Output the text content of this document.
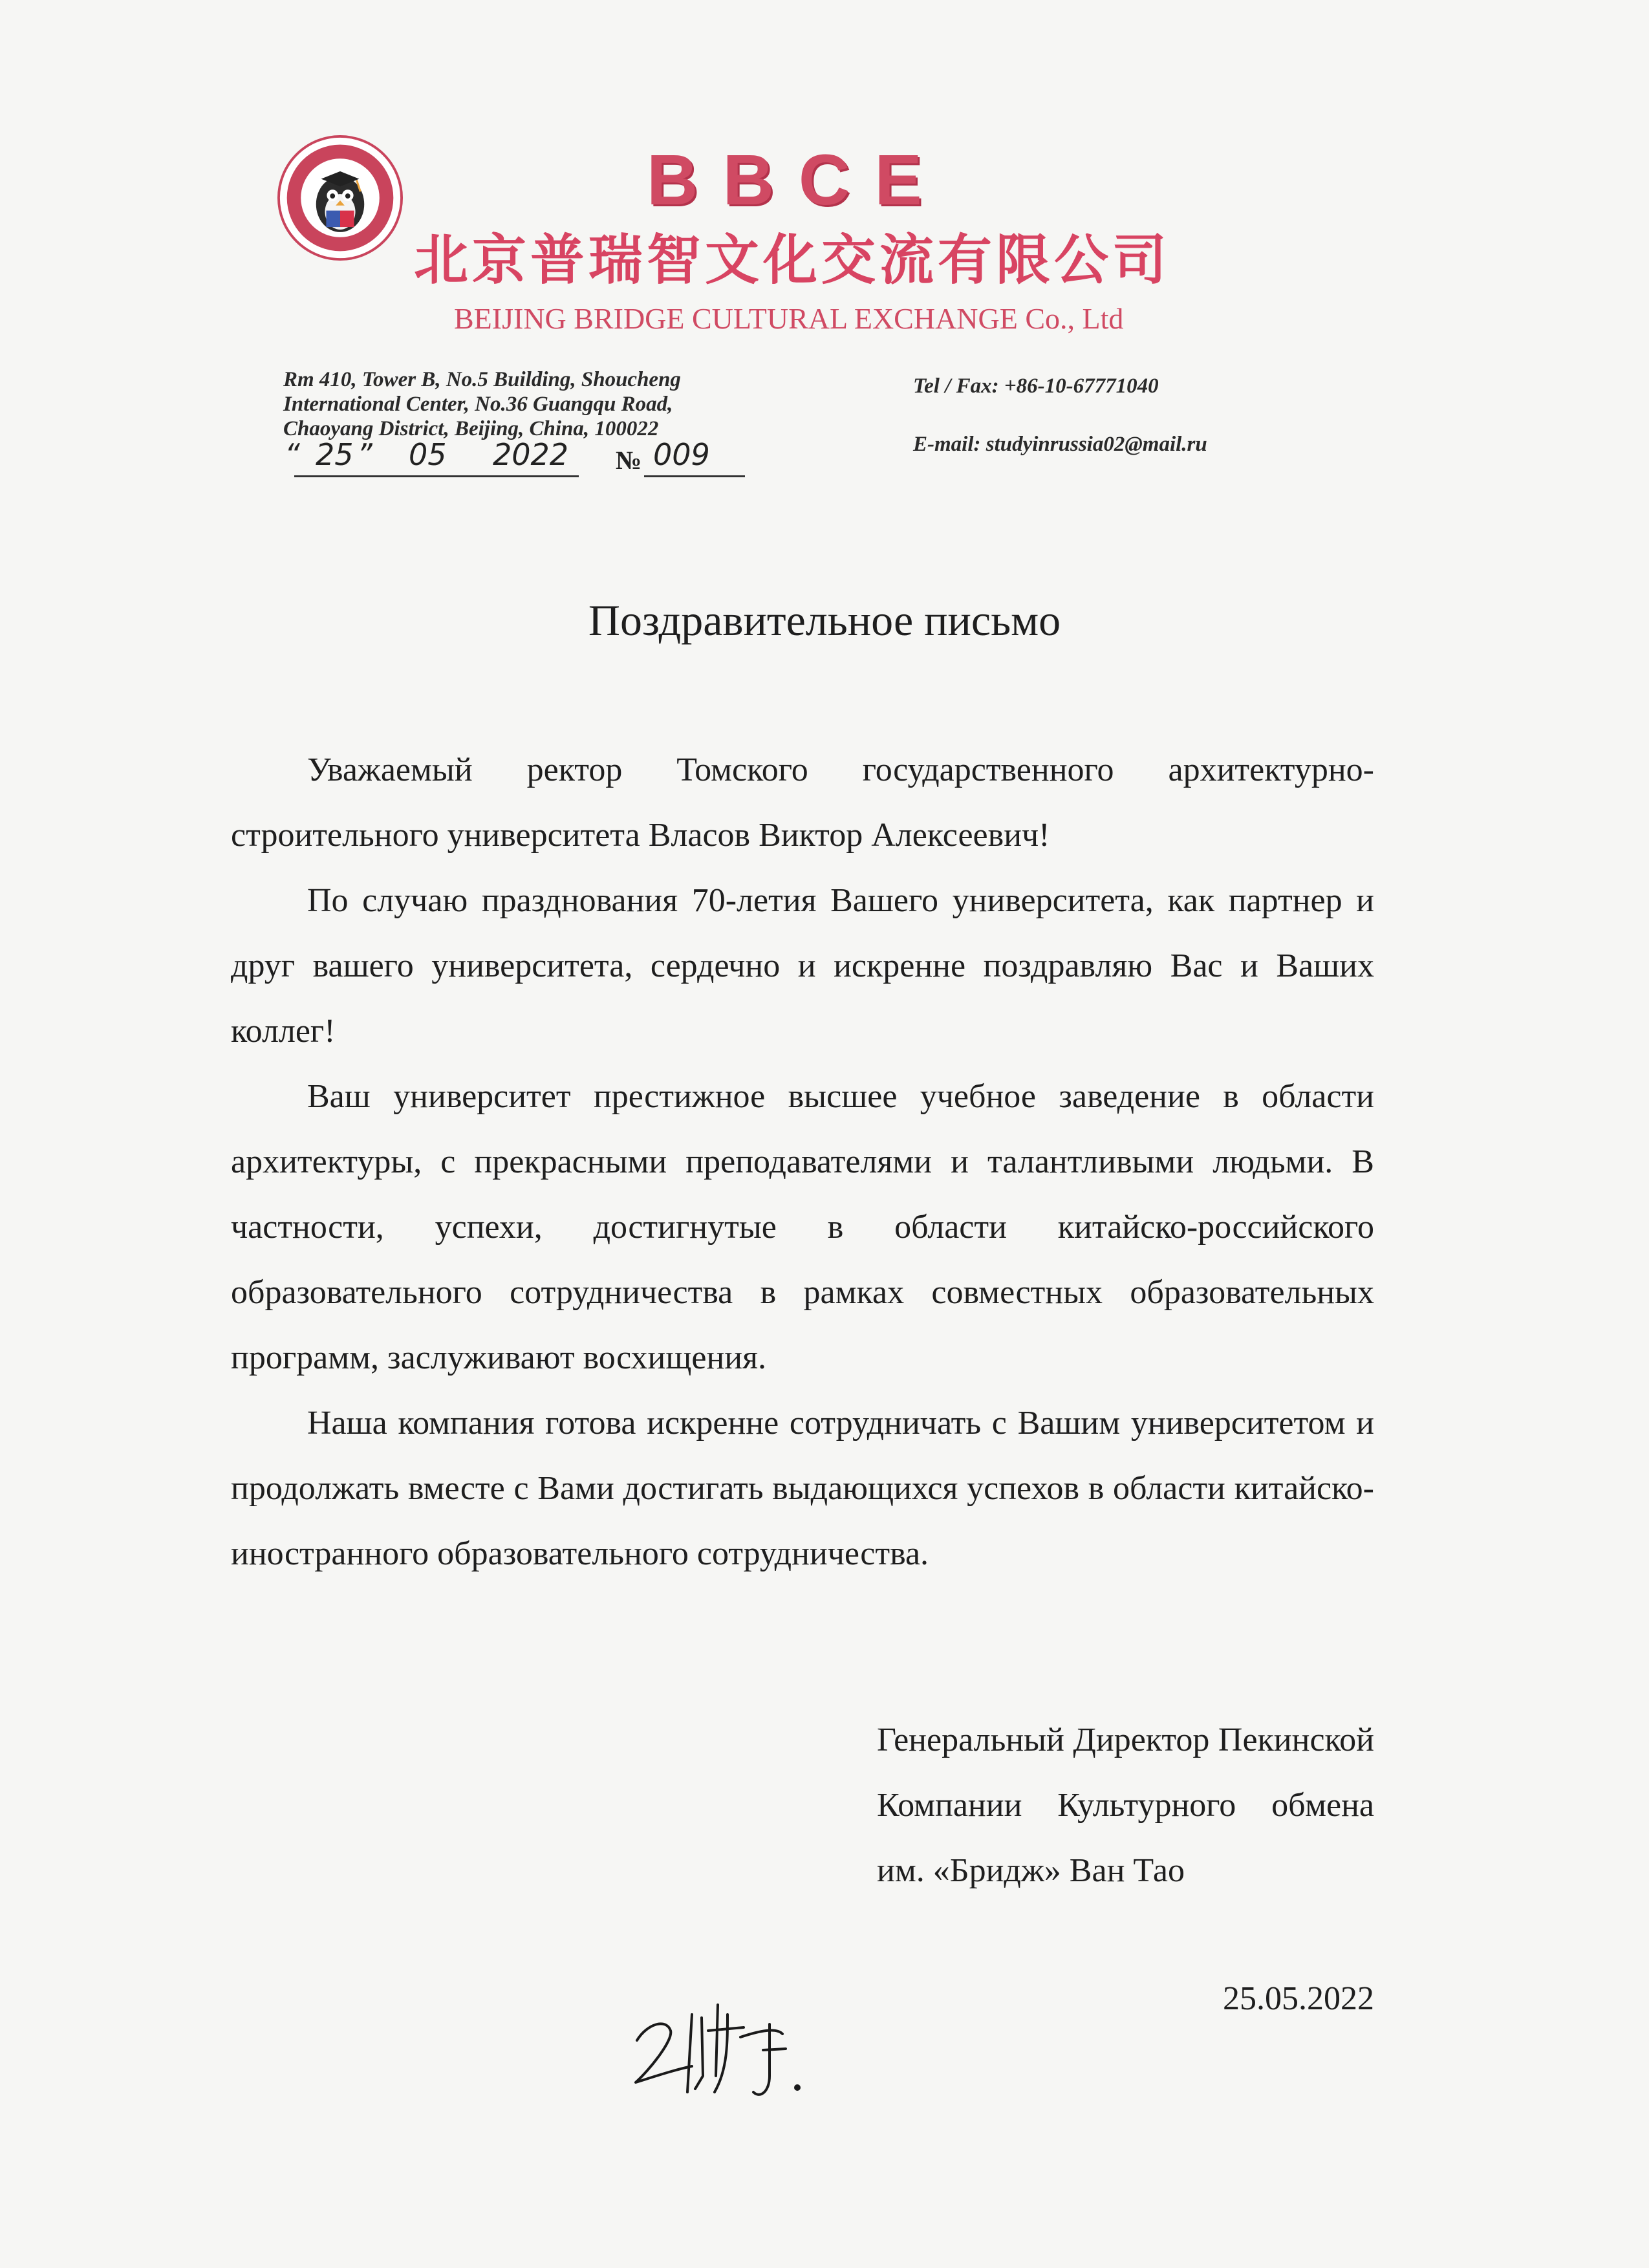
BBCE
北京普瑞智文化交流有限公司
BEIJING BRIDGE CULTURAL EXCHANGE Co., Ltd
Rm 410, Tower B, No.5 Building, Shoucheng
International Center, No.36 Guangqu Road,
Chaoyang District, Beijing, China, 100022
Tel / Fax: +86-10-67771040
E-mail: studyinrussia02@mail.ru
“ 25 ” 05 2022 № 009
Поздравительное письмо

Уважаемый ректор Томского государственного архитектурно-строительного университета Власов Виктор Алексеевич!

По случаю празднования 70-летия Вашего университета, как партнер и друг вашего университета, сердечно и искренне поздравляю Вас и Ваших коллег!

Ваш университет престижное высшее учебное заведение в области архитектуры, с прекрасными преподавателями и талантливыми людьми. В частности, успехи, достигнутые в области китайско-российского образовательного сотрудничества в рамках совместных образовательных программ, заслуживают восхищения.

Наша компания готова искренне сотрудничать с Вашим университетом и продолжать вместе с Вами достигать выдающихся успехов в области китайско-иностранного образовательного сотрудничества.

Генеральный Директор Пекинской Компании Культурного обмена им. «Бридж» Ван Тао

25.05.2022
